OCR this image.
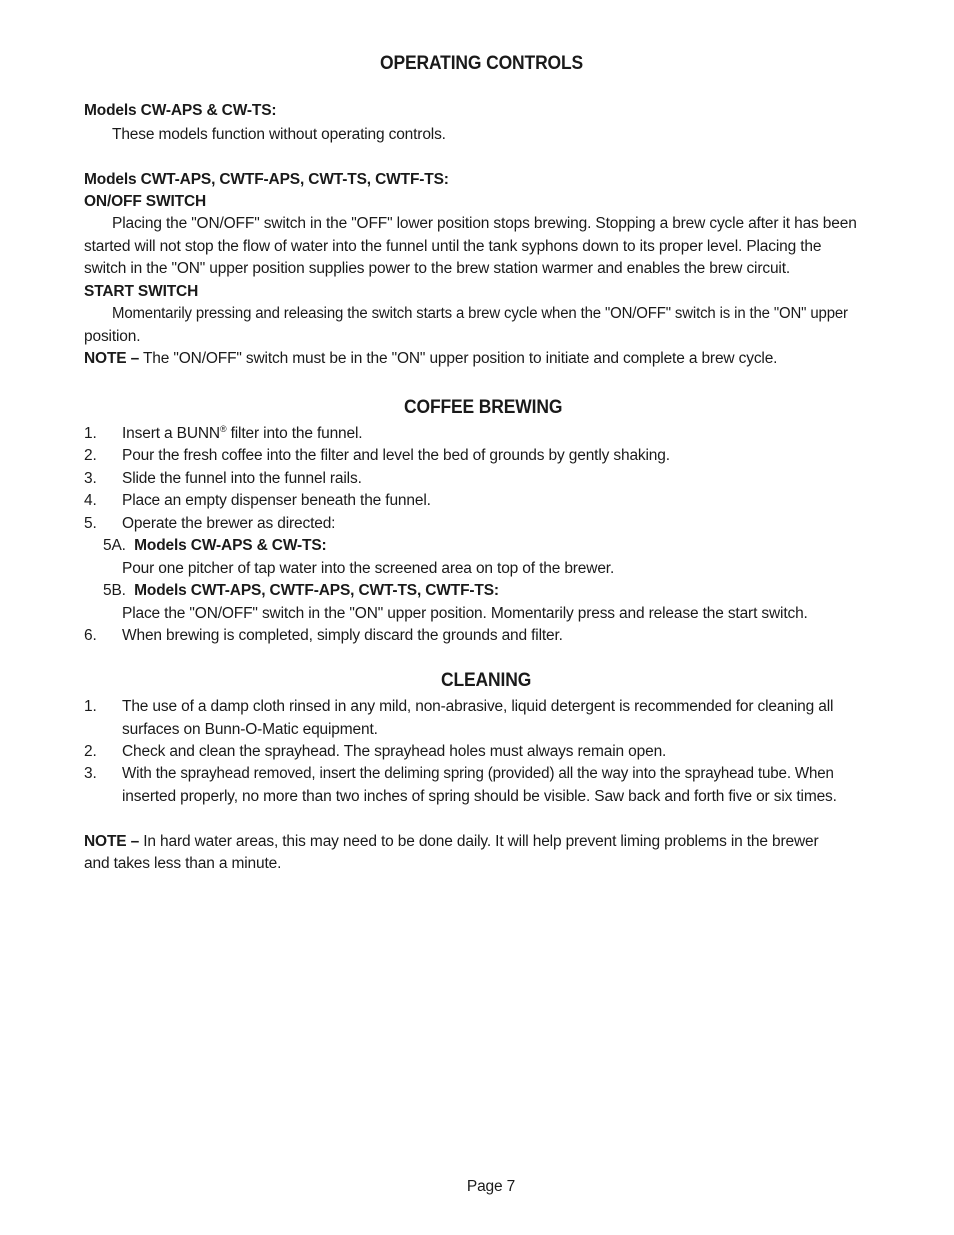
OPERATING CONTROLS
Models CW-APS & CW-TS:
These models function without operating controls.
Models CWT-APS, CWTF-APS, CWT-TS, CWTF-TS:
ON/OFF SWITCH
Placing the "ON/OFF" switch in the "OFF" lower position stops brewing. Stopping a brew cycle after it has been
started will not stop the flow of water into the funnel until the tank syphons down to its proper level. Placing the
switch in the "ON" upper position supplies power to the brew station warmer and enables the brew circuit.
START SWITCH
Momentarily pressing and releasing the switch starts a brew cycle when the "ON/OFF" switch is in the "ON" upper
position.
NOTE – The "ON/OFF" switch must be in the "ON" upper position to initiate and complete a brew cycle.
COFFEE BREWING
1.	Insert a BUNN® filter into the funnel.
2.	Pour the fresh coffee into the filter and level the bed of grounds by gently shaking.
3.	Slide the funnel into the funnel rails.
4.	Place an empty dispenser beneath the funnel.
5.	Operate the brewer as directed:
5A. Models CW-APS & CW-TS:
Pour one pitcher of tap water into the screened area on top of the brewer.
5B. Models CWT-APS, CWTF-APS, CWT-TS, CWTF-TS:
Place the "ON/OFF" switch in the "ON" upper position. Momentarily press and release the start switch.
6.	When brewing is completed, simply discard the grounds and filter.
CLEANING
1.	The use of a damp cloth rinsed in any mild, non-abrasive, liquid detergent is recommended for cleaning all
surfaces on Bunn-O-Matic equipment.
2.	Check and clean the sprayhead. The sprayhead holes must always remain open.
3.	With the sprayhead removed, insert the deliming spring (provided) all the way into the sprayhead tube. When
inserted properly, no more than two inches of spring should be visible. Saw back and forth five or six times.
NOTE – In hard water areas, this may need to be done daily. It will help prevent liming problems in the brewer
and takes less than a minute.
Page 7
